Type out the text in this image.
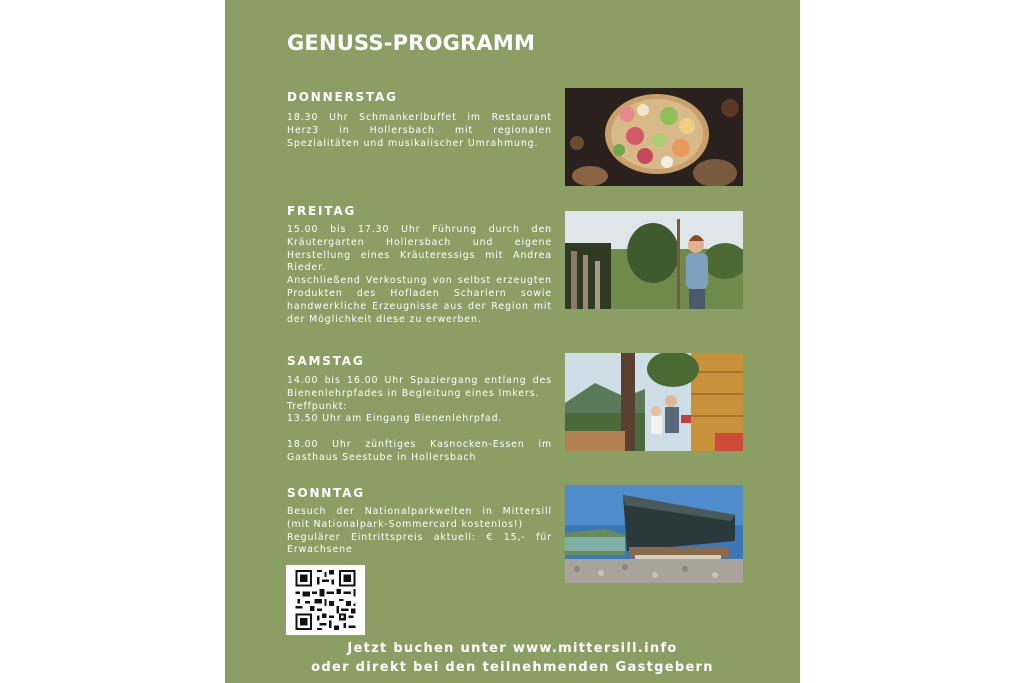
GENUSS-PROGRAMM
DONNERSTAG

18.30 Uhr Schmankerlbuffet im Restaurant Herz3 in Hollersbach mit regionalen Spezialitäten und musikalischer Umrahmung.

FREITAG

15.00 bis 17.30 Uhr Führung durch den Kräutergarten Hollersbach und eigene Herstellung eines Kräuteressigs mit Andrea Rieder.

Anschließend Verkostung von selbst erzeugten Produkten des Hofladen Scharlern sowie handwerkliche Erzeugnisse aus der Region mit der Möglichkeit diese zu erwerben.

SAMSTAG

14.00 bis 16.00 Uhr Spaziergang entlang des Bienenlehrpfades in Begleitung eines Imkers.

Treffpunkt:

13.50 Uhr am Eingang Bienenlehrpfad.

18.00 Uhr zünftiges Kasnocken-Essen im Gasthaus Seestube in Hollersbach

SONNTAG

Besuch der Nationalparkwelten in Mittersill (mit Nationalpark-Sommercard kostenlos!)

Regulärer Eintrittspreis aktuell: € 15,- für Erwachsene

Jetzt buchen unter www.mittersill.info

oder direkt bei den teilnehmenden Gastgebern
